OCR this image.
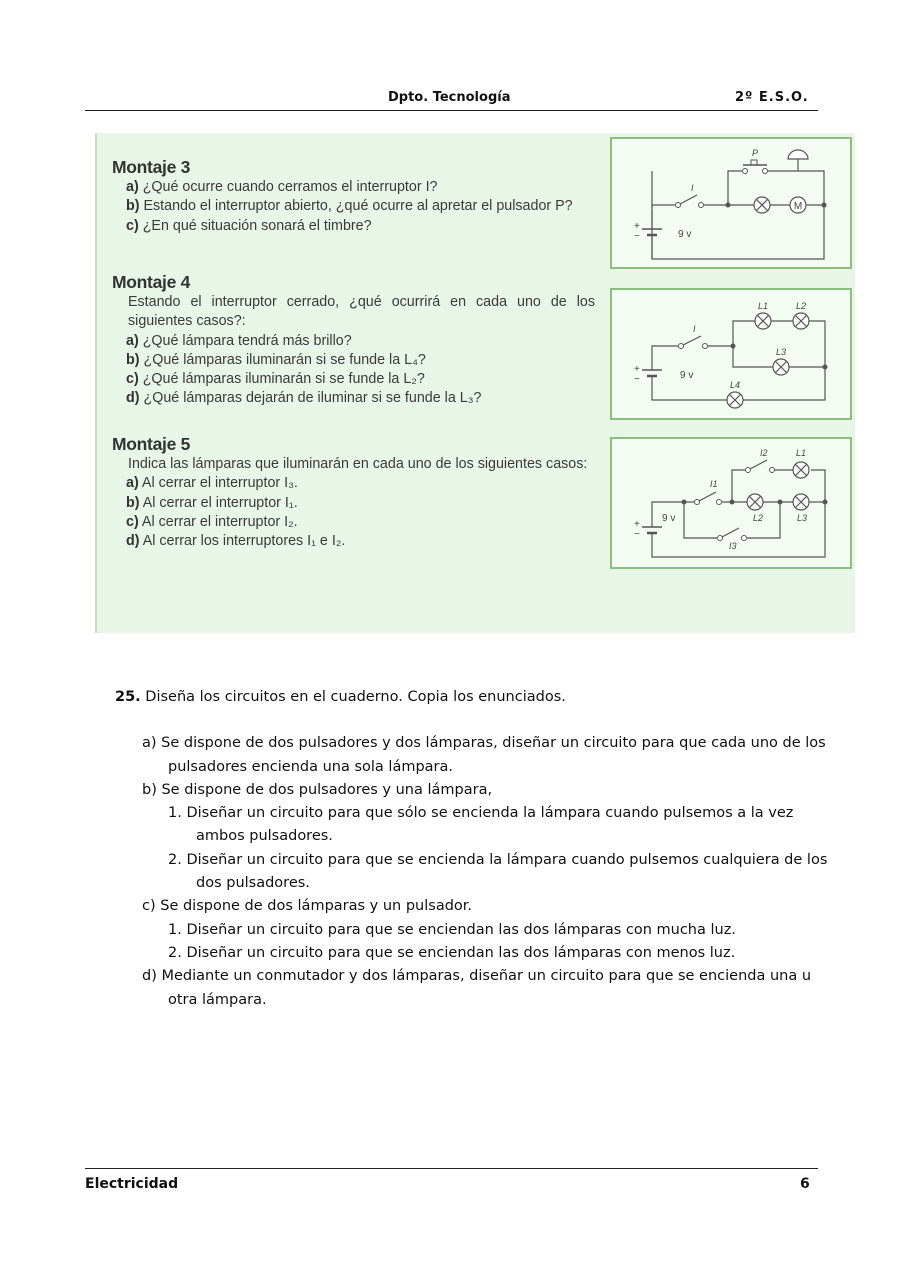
Dpto. Tecnología	2º E.S.O.
Montaje 3
a) ¿Qué ocurre cuando cerramos el interruptor I?
b) Estando el interruptor abierto, ¿qué ocurre al apretar el pulsador P?
c) ¿En qué situación sonará el timbre?
Montaje 4
Estando el interruptor cerrado, ¿qué ocurrirá en cada uno de los siguientes casos?:
a) ¿Qué lámpara tendrá más brillo?
b) ¿Qué lámparas iluminarán si se funde la L₄?
c) ¿Qué lámparas iluminarán si se funde la L₂?
d) ¿Qué lámparas dejarán de iluminar si se funde la L₃?
Montaje 5
Indica las lámparas que iluminarán en cada uno de los siguientes casos:
a) Al cerrar el interruptor I₃.
b) Al cerrar el interruptor I₁.
c) Al cerrar el interruptor I₂.
d) Al cerrar los interruptores I₁ e I₂.
M
I
P
9 v
+
−
I
L1	L2
L3
L4
9 v
+
−
I1
I2
I3
L1
L2	L3
9 v
+
−
25. Diseña los circuitos en el cuaderno. Copia los enunciados.
a) Se dispone de dos pulsadores y dos lámparas, diseñar un circuito para que cada uno de los pulsadores encienda una sola lámpara.
b) Se dispone de dos pulsadores y una lámpara,
1. Diseñar un circuito para que sólo se encienda la lámpara cuando pulsemos a la vez ambos pulsadores.
2. Diseñar un circuito para que se encienda la lámpara cuando pulsemos cualquiera de los dos pulsadores.
c) Se dispone de dos lámparas y un pulsador.
1. Diseñar un circuito para que se enciendan las dos lámparas con mucha luz.
2. Diseñar un circuito para que se enciendan las dos lámparas con menos luz.
d) Mediante un conmutador y dos lámparas, diseñar un circuito para que se encienda una u otra lámpara.
Electricidad	6
